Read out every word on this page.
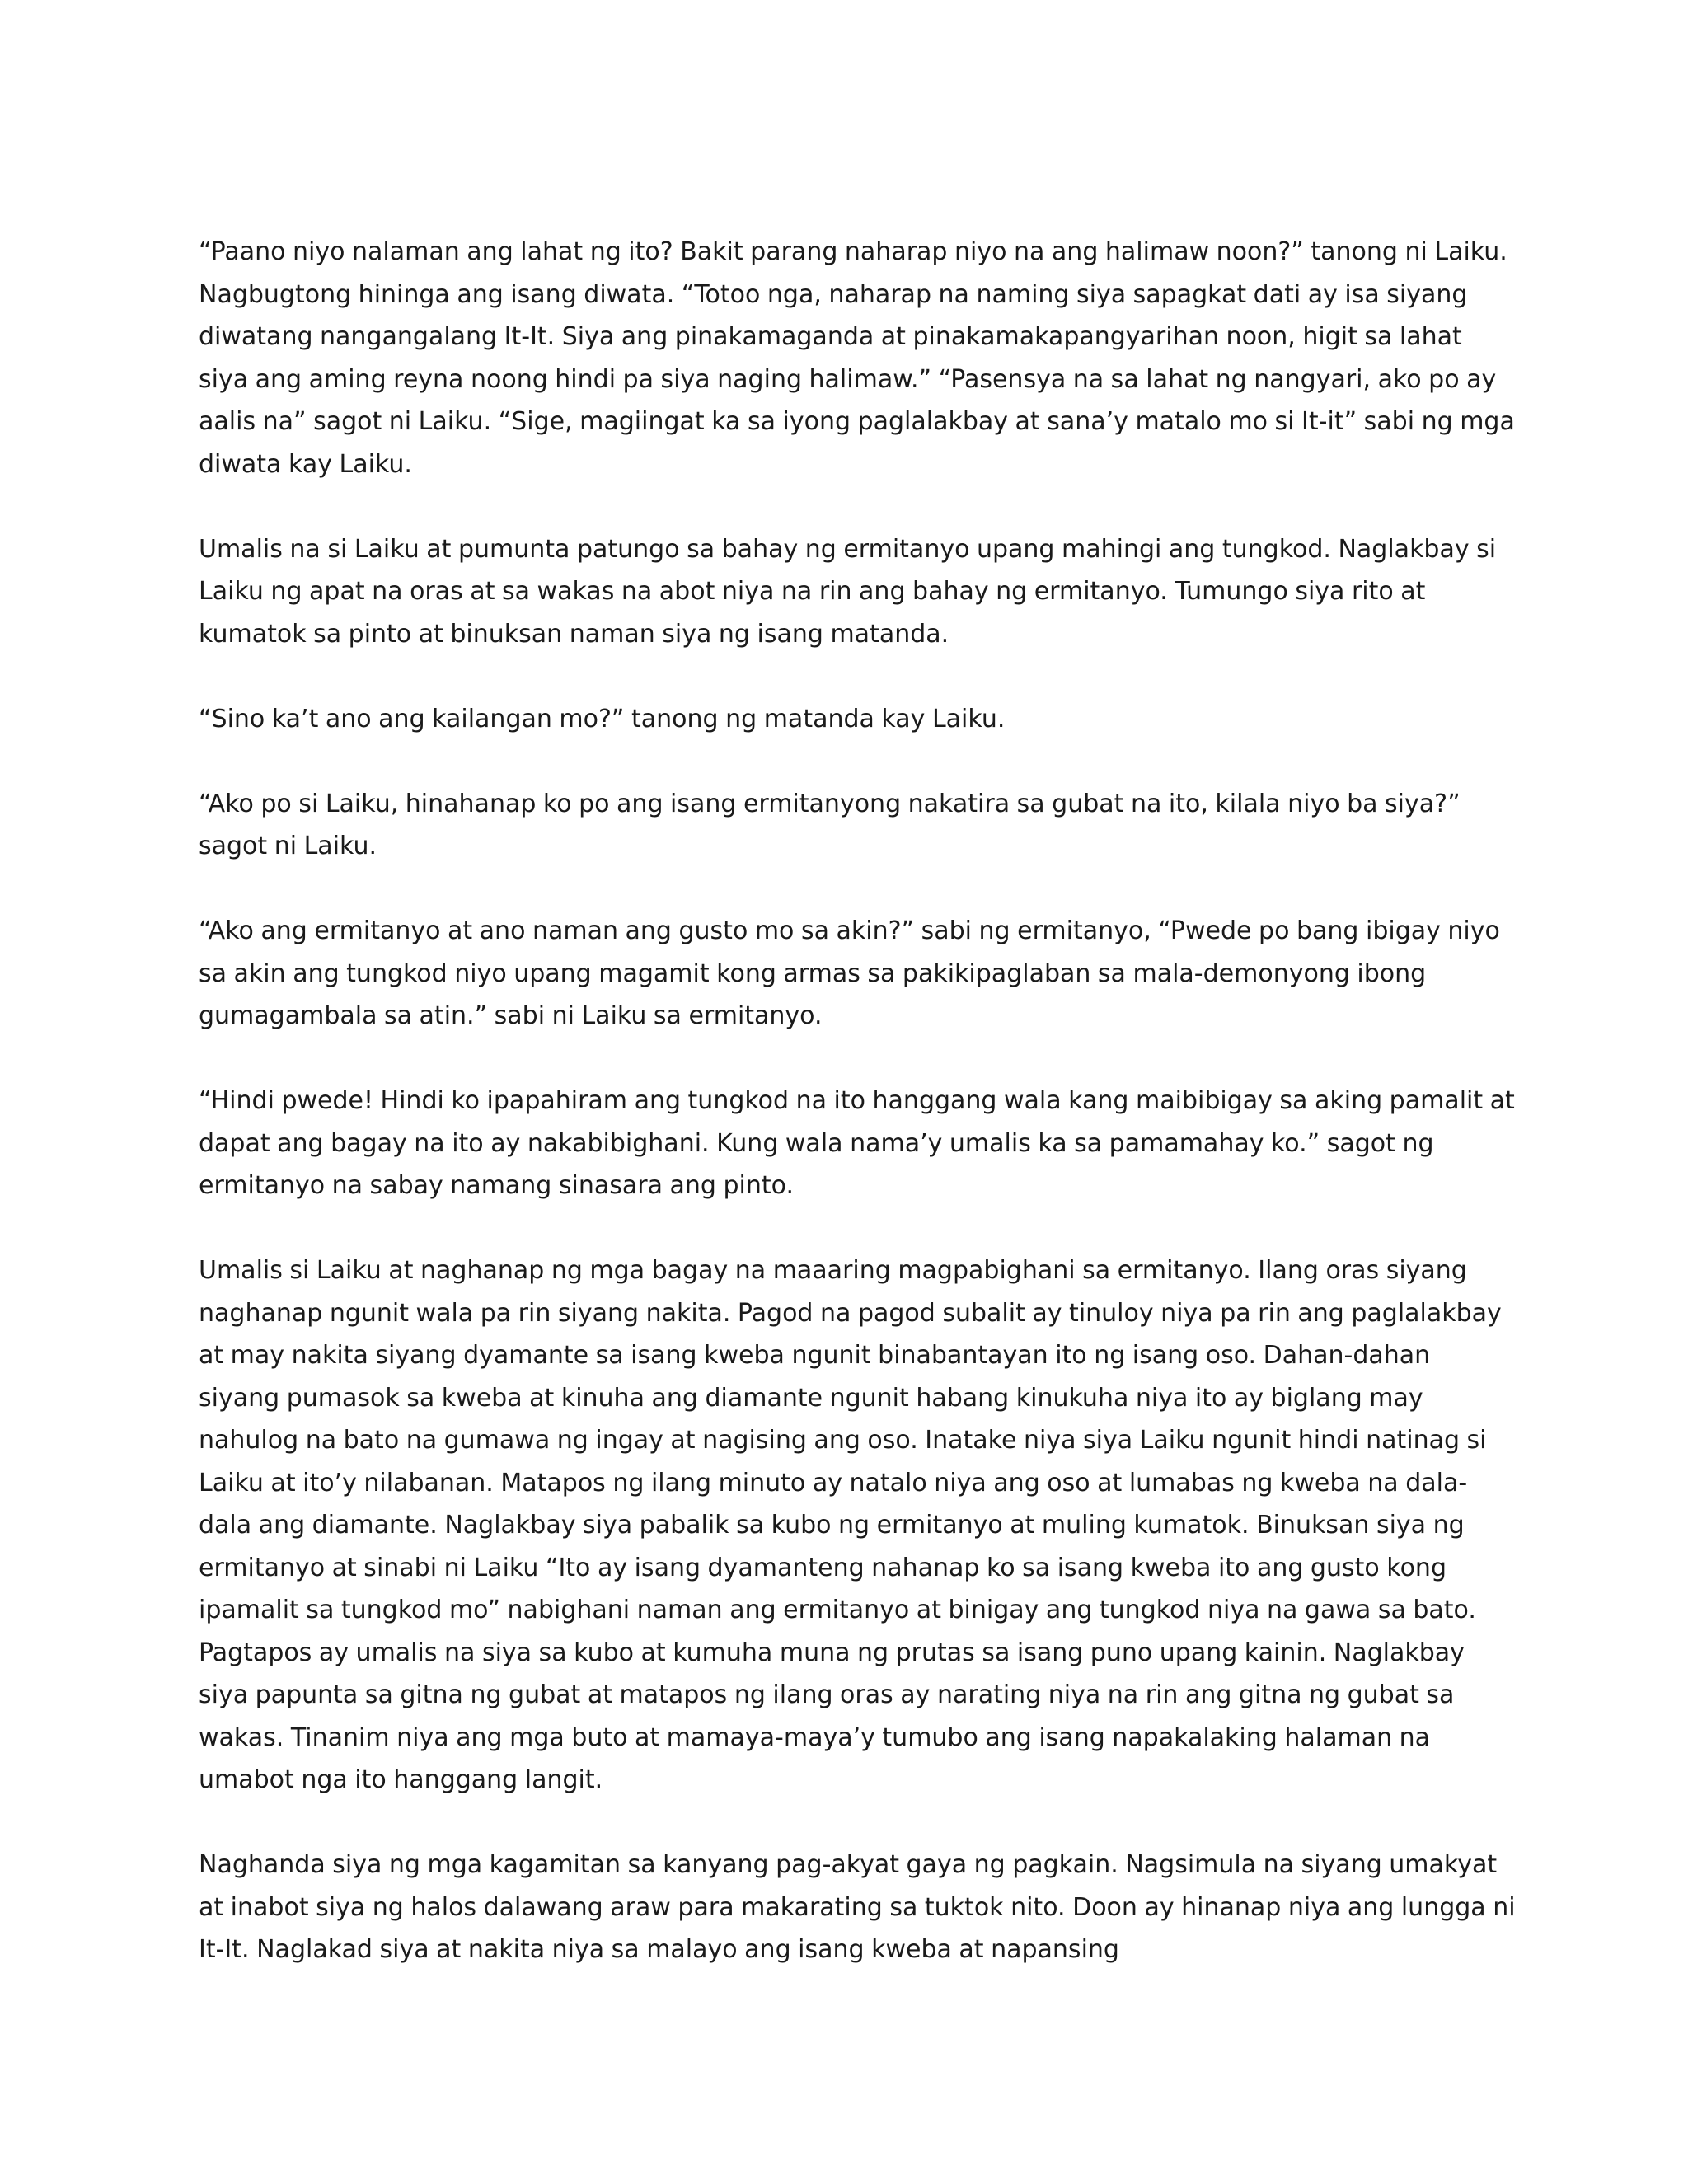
“Paano niyo nalaman ang lahat ng ito? Bakit parang naharap niyo na ang halimaw noon?” tanong ni Laiku. Nagbugtong hininga ang isang diwata. “Totoo nga, naharap na naming siya sapagkat dati ay isa siyang diwatang nangangalang It-It. Siya ang pinakamaganda at pinakamakapangyarihan noon, higit sa lahat siya ang aming reyna noong hindi pa siya naging halimaw.” “Pasensya na sa lahat ng nangyari, ako po ay aalis na” sagot ni Laiku. “Sige, magiingat ka sa iyong paglalakbay at sana’y matalo mo si It-it” sabi ng mga diwata kay Laiku.

Umalis na si Laiku at pumunta patungo sa bahay ng ermitanyo upang mahingi ang tungkod. Naglakbay si Laiku ng apat na oras at sa wakas na abot niya na rin ang bahay ng ermitanyo. Tumungo siya rito at kumatok sa pinto at binuksan naman siya ng isang matanda.

“Sino ka’t ano ang kailangan mo?” tanong ng matanda kay Laiku.

“Ako po si Laiku, hinahanap ko po ang isang ermitanyong nakatira sa gubat na ito, kilala niyo ba siya?” sagot ni Laiku.

“Ako ang ermitanyo at ano naman ang gusto mo sa akin?” sabi ng ermitanyo, “Pwede po bang ibigay niyo sa akin ang tungkod niyo upang magamit kong armas sa pakikipaglaban sa mala-demonyong ibong gumagambala sa atin.” sabi ni Laiku sa ermitanyo.

“Hindi pwede! Hindi ko ipapahiram ang tungkod na ito hanggang wala kang maibibigay sa aking pamalit at dapat ang bagay na ito ay nakabibighani. Kung wala nama’y umalis ka sa pamamahay ko.” sagot ng ermitanyo na sabay namang sinasara ang pinto.

Umalis si Laiku at naghanap ng mga bagay na maaaring magpabighani sa ermitanyo. Ilang oras siyang naghanap ngunit wala pa rin siyang nakita. Pagod na pagod subalit ay tinuloy niya pa rin ang paglalakbay at may nakita siyang dyamante sa isang kweba ngunit binabantayan ito ng isang oso. Dahan-dahan siyang pumasok sa kweba at kinuha ang diamante ngunit habang kinukuha niya ito ay biglang may nahulog na bato na gumawa ng ingay at nagising ang oso. Inatake niya siya Laiku ngunit hindi natinag si Laiku at ito’y nilabanan. Matapos ng ilang minuto ay natalo niya ang oso at lumabas ng kweba na dala-dala ang diamante. Naglakbay siya pabalik sa kubo ng ermitanyo at muling kumatok. Binuksan siya ng ermitanyo at sinabi ni Laiku “Ito ay isang dyamanteng nahanap ko sa isang kweba ito ang gusto kong ipamalit sa tungkod mo” nabighani naman ang ermitanyo at binigay ang tungkod niya na gawa sa bato. Pagtapos ay umalis na siya sa kubo at kumuha muna ng prutas sa isang puno upang kainin. Naglakbay siya papunta sa gitna ng gubat at matapos ng ilang oras ay narating niya na rin ang gitna ng gubat sa wakas. Tinanim niya ang mga buto at mamaya-maya’y tumubo ang isang napakalaking halaman na umabot nga ito hanggang langit.

Naghanda siya ng mga kagamitan sa kanyang pag-akyat gaya ng pagkain. Nagsimula na siyang umakyat at inabot siya ng halos dalawang araw para makarating sa tuktok nito. Doon ay hinanap niya ang lungga ni It-It. Naglakad siya at nakita niya sa malayo ang isang kweba at napansing
